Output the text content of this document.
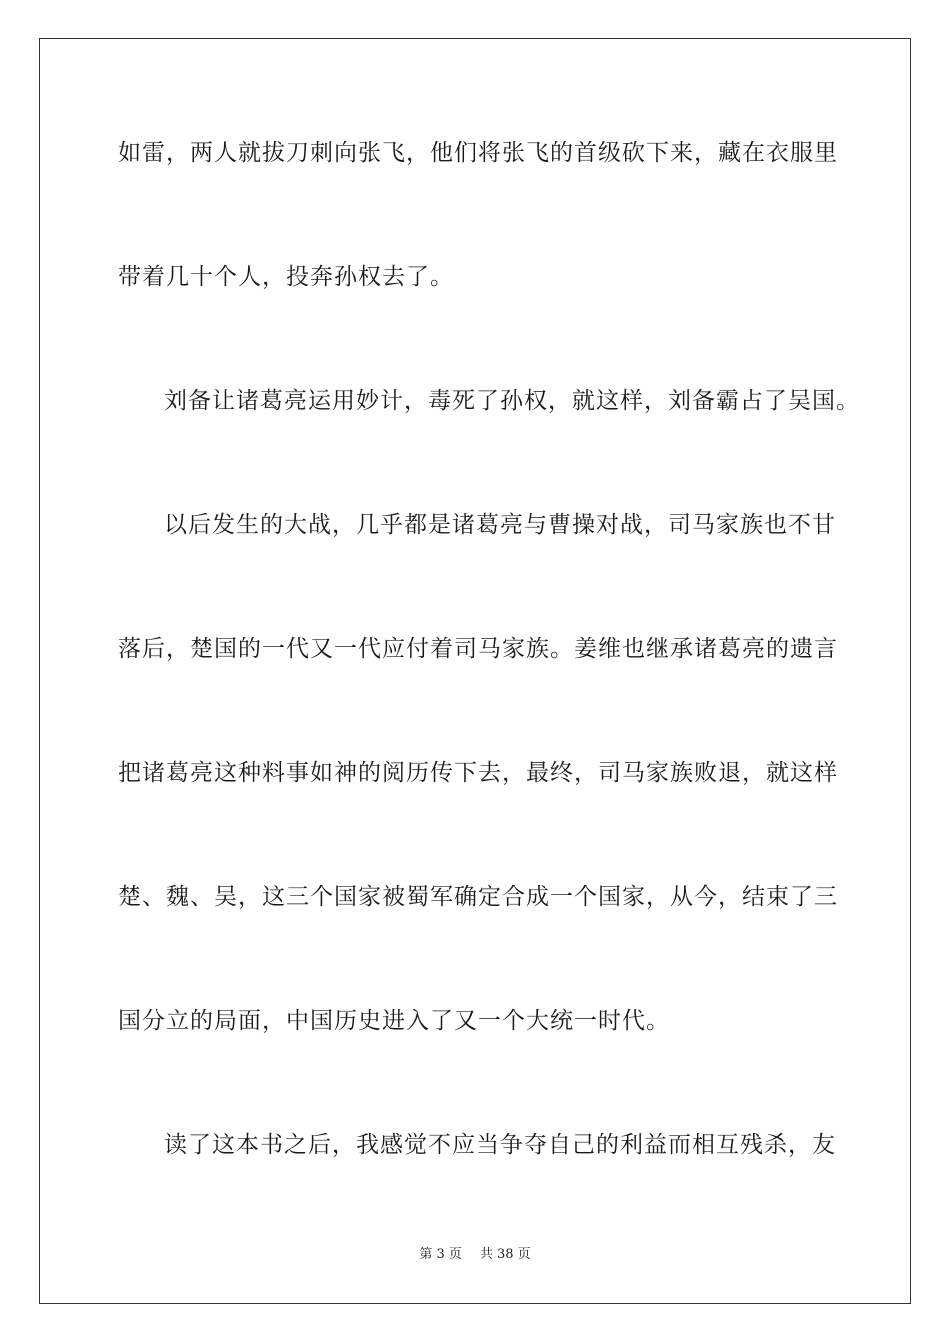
如雷，两人就拔刀刺向张飞，他们将张飞的首级砍下来，藏在衣服里
带着几十个人，投奔孙权去了。
刘备让诸葛亮运用妙计，毒死了孙权，就这样，刘备霸占了吴国。
以后发生的大战，几乎都是诸葛亮与曹操对战，司马家族也不甘
落后，楚国的一代又一代应付着司马家族。姜维也继承诸葛亮的遗言
把诸葛亮这种料事如神的阅历传下去，最终，司马家族败退，就这样
楚、魏、吴，这三个国家被蜀军确定合成一个国家，从今，结束了三
国分立的局面，中国历史进入了又一个大统一时代。
读了这本书之后，我感觉不应当争夺自己的利益而相互残杀，友
第 3 页 共 38 页
